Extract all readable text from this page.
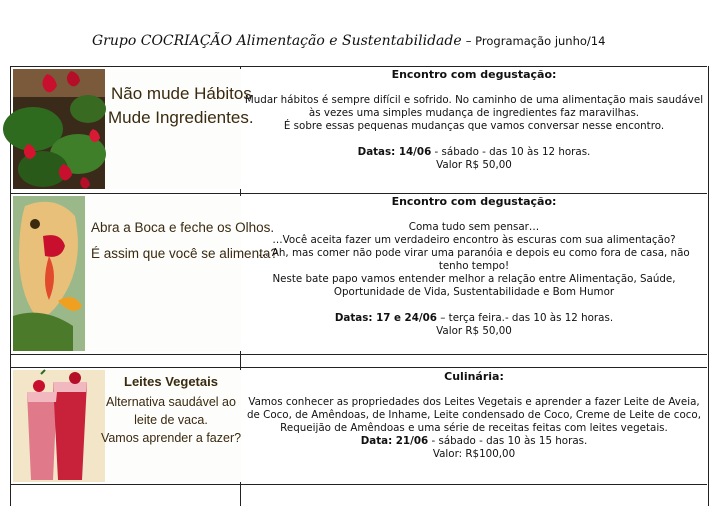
Grupo COCRIAÇÃO Alimentação e Sustentabilidade – Programação junho/14
Não mude Hábitos
Mude Ingredientes.
Encontro com degustação:

Mudar hábitos é sempre difícil e sofrido. No caminho de uma alimentação mais saudável às vezes uma simples mudança de ingredientes faz maravilhas.

É sobre essas pequenas mudanças que vamos conversar nesse encontro.

Datas: 14/06 - sábado - das 10 às 12 horas.

Valor R$ 50,00

Abra a Boca e feche os Olhos.
É assim que você se alimenta?
Encontro com degustação:

Coma tudo sem pensar…

…Você aceita fazer um verdadeiro encontro às escuras com sua alimentação?

… Ah, mas comer não pode virar uma paranóia e depois eu como fora de casa, não tenho tempo!

Neste bate papo vamos entender melhor a relação entre Alimentação, Saúde, Oportunidade de Vida, Sustentabilidade e Bom Humor

Datas: 17 e 24/06 – terça feira.- das 10 às 12 horas.

Valor R$ 50,00

Leites Vegetais
Alternativa saudável ao
leite de vaca.
Vamos aprender a fazer?
Culinária:

Vamos conhecer as propriedades dos Leites Vegetais e aprender a fazer Leite de Aveia, de Coco, de Amêndoas, de Inhame, Leite condensado de Coco, Creme de Leite de coco, Requeijão de Amêndoas e uma série de receitas feitas com leites vegetais.

Data: 21/06 - sábado - das 10 às 15 horas.

Valor: R$100,00
